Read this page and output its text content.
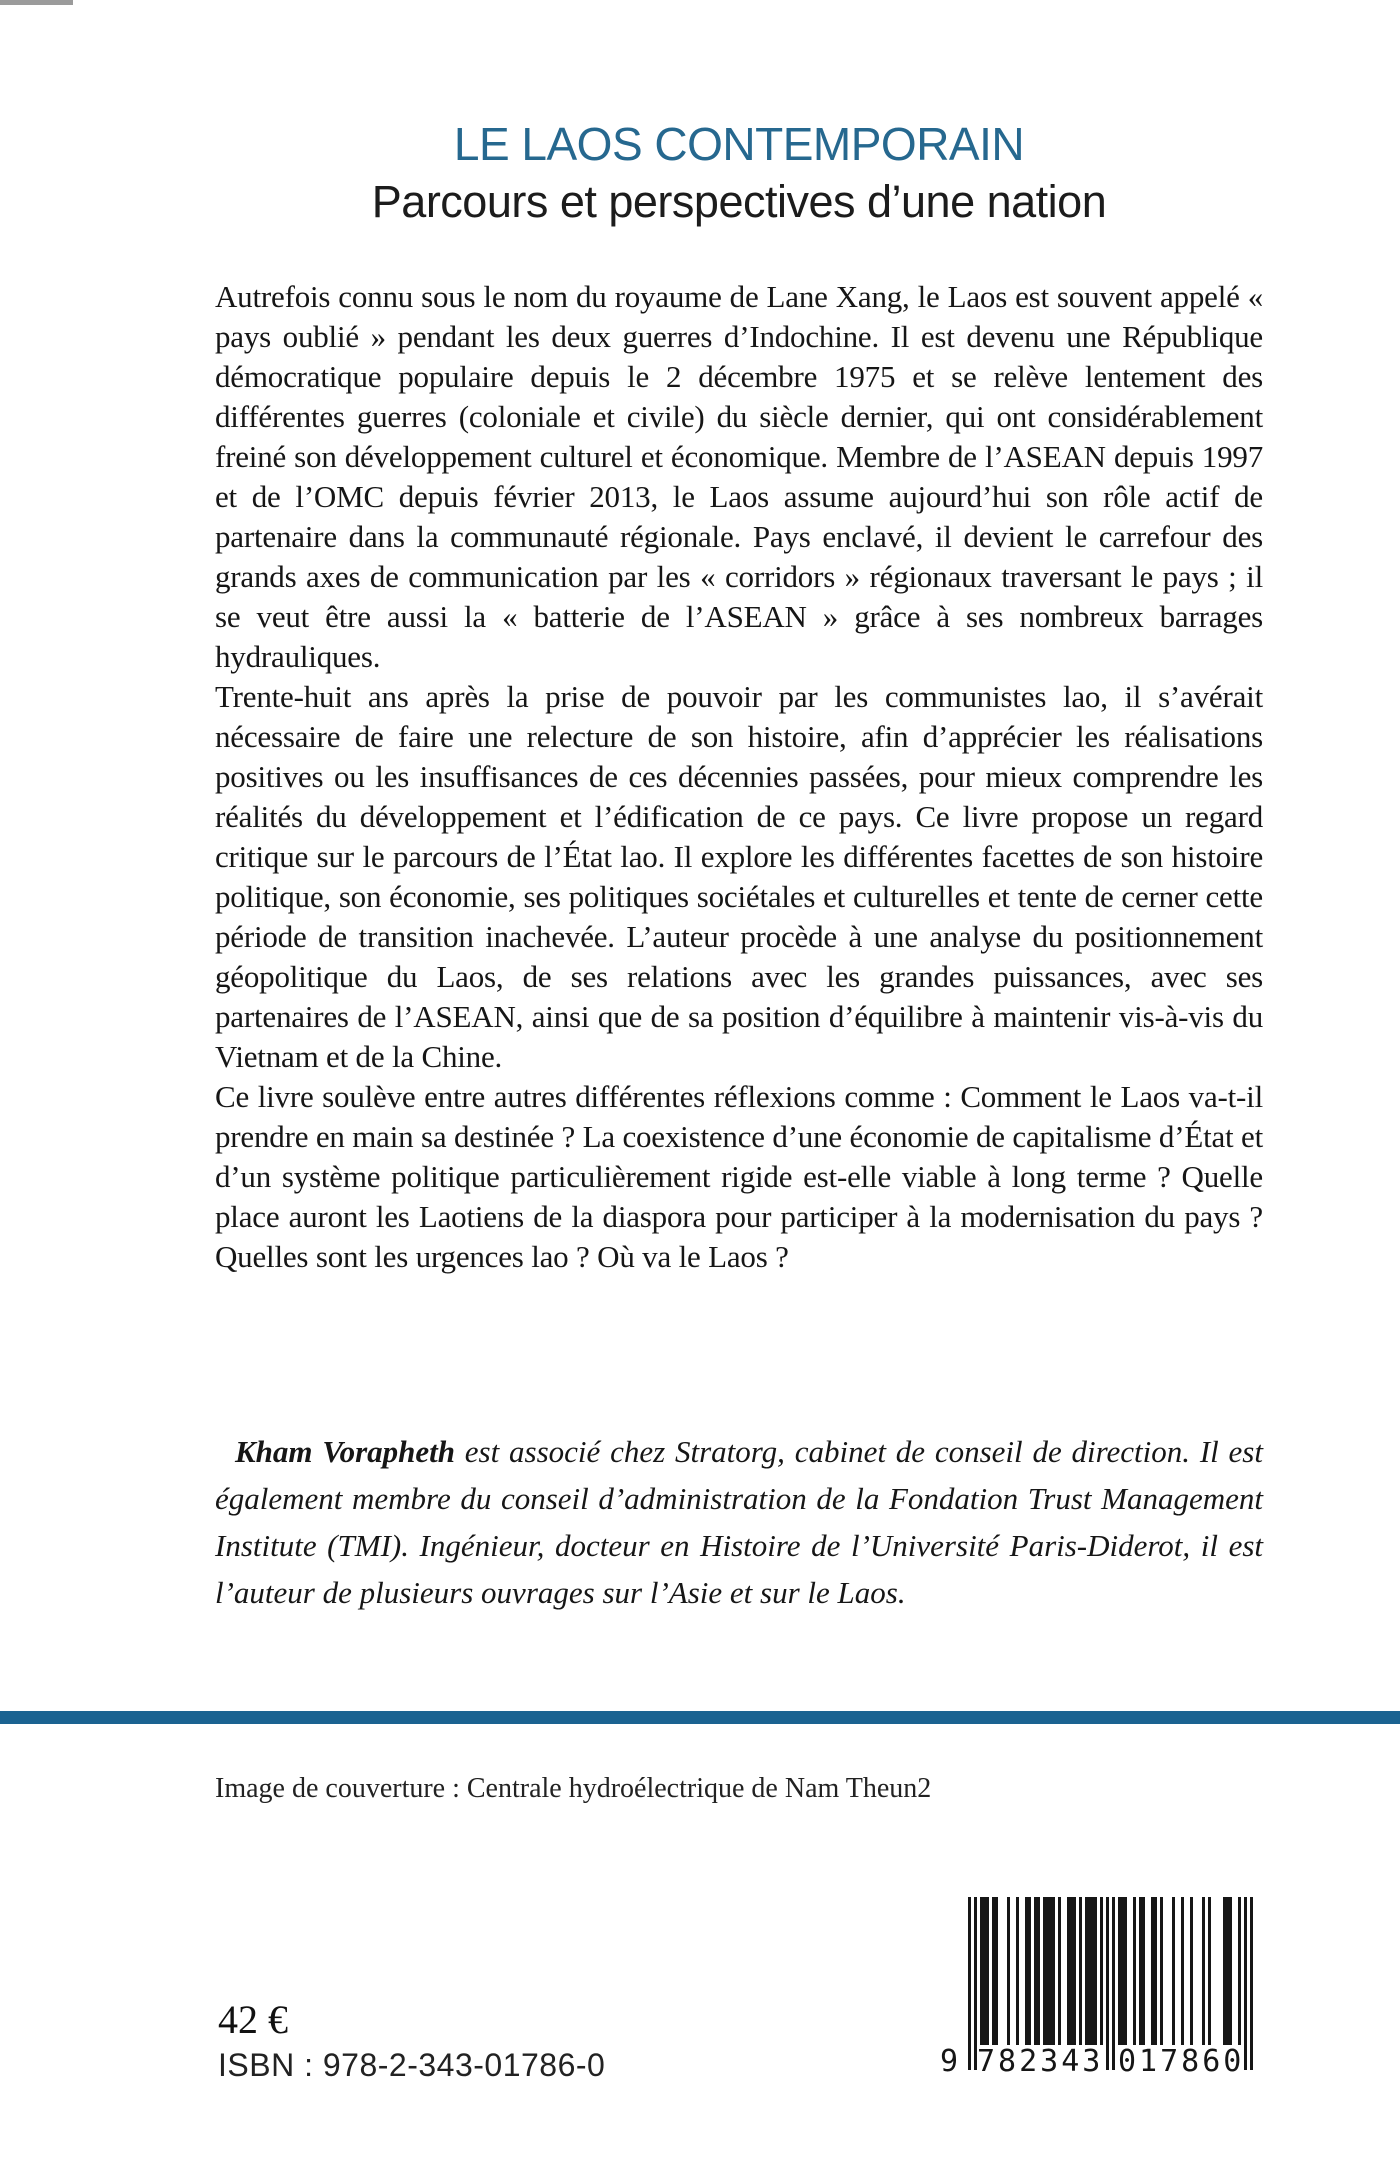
LE LAOS CONTEMPORAIN
Parcours et perspectives d’une nation

Autrefois connu sous le nom du royaume de Lane Xang, le Laos est souvent appelé « pays oublié » pendant les deux guerres d’Indochine. Il est devenu une République démocratique populaire depuis le 2 décembre 1975 et se relève lentement des différentes guerres (coloniale et civile) du siècle dernier, qui ont considérablement freiné son développement culturel et économique. Membre de l’ASEAN depuis 1997 et de l’OMC depuis février 2013, le Laos assume aujourd’hui son rôle actif de partenaire dans la communauté régionale. Pays enclavé, il devient le carrefour des grands axes de communication par les « corridors » régionaux traversant le pays ; il se veut être aussi la « batterie de l’ASEAN » grâce à ses nombreux barrages hydrauliques.

Trente-huit ans après la prise de pouvoir par les communistes lao, il s’avérait nécessaire de faire une relecture de son histoire, afin d’apprécier les réalisations positives ou les insuffisances de ces décennies passées, pour mieux comprendre les réalités du développement et l’édification de ce pays. Ce livre propose un regard critique sur le parcours de l’État lao. Il explore les différentes facettes de son histoire politique, son économie, ses politiques sociétales et culturelles et tente de cerner cette période de transition inachevée. L’auteur procède à une analyse du positionnement géopolitique du Laos, de ses relations avec les grandes puissances, avec ses partenaires de l’ASEAN, ainsi que de sa position d’équilibre à maintenir vis-à-vis du Vietnam et de la Chine.

Ce livre soulève entre autres différentes réflexions comme : Comment le Laos va-t-il prendre en main sa destinée ? La coexistence d’une économie de capitalisme d’État et d’un système politique particulièrement rigide est-elle viable à long terme ? Quelle place auront les Laotiens de la diaspora pour participer à la modernisation du pays ? Quelles sont les urgences lao ? Où va le Laos ?

Kham Vorapheth est associé chez Stratorg, cabinet de conseil de direction. Il est également membre du conseil d’administration de la Fondation Trust Management Institute (TMI). Ingénieur, docteur en Histoire de l’Université Paris-Diderot, il est l’auteur de plusieurs ouvrages sur l’Asie et sur le Laos.

Image de couverture : Centrale hydroélectrique de Nam Theun2
42 €
ISBN : 978-2-343-01786-0	9 782343 017860
